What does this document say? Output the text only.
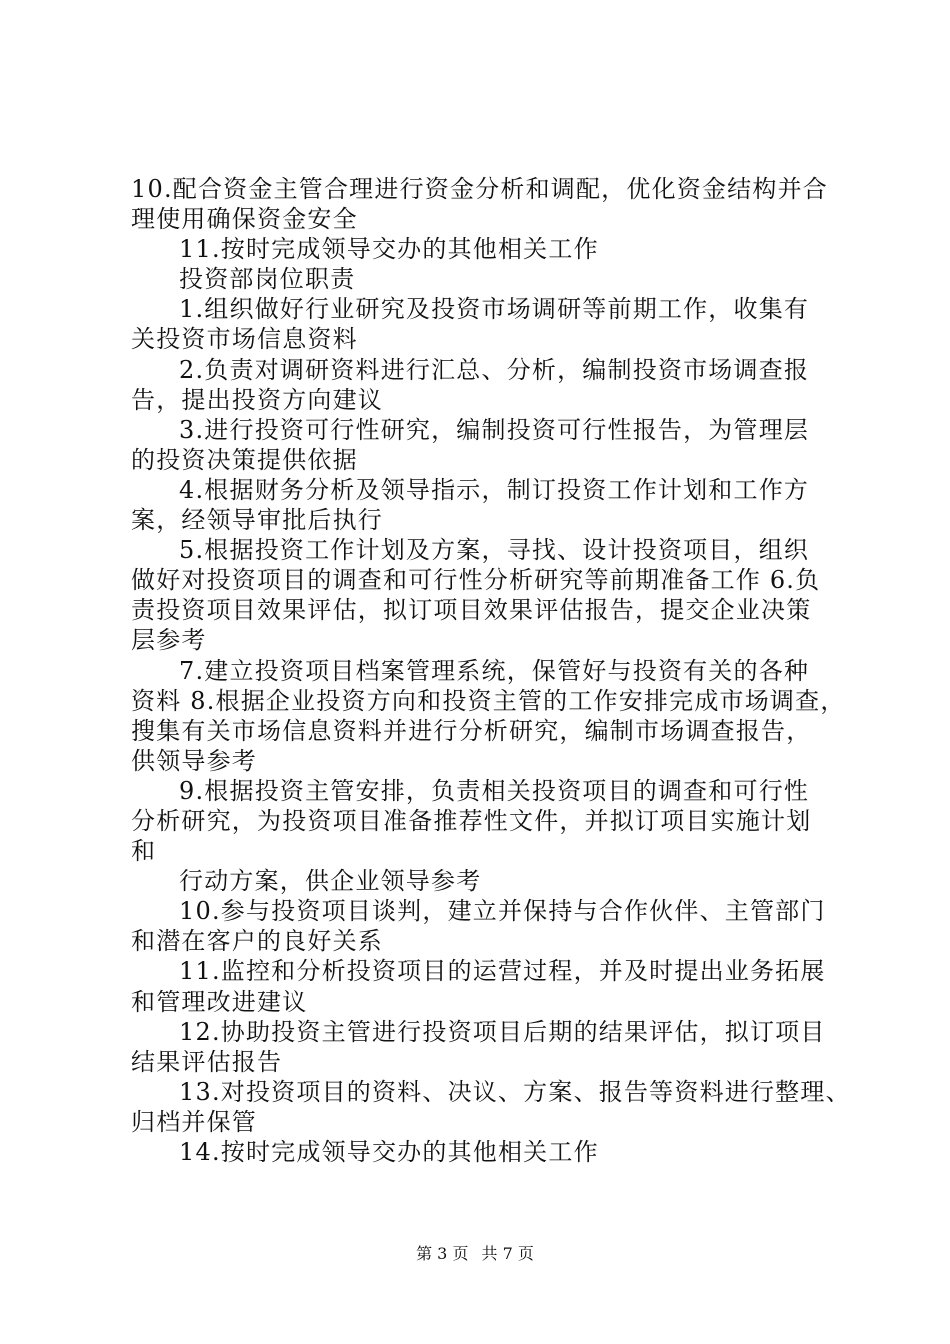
10.配合资金主管合理进行资金分析和调配，优化资金结构并合
理使用确保资金安全
11.按时完成领导交办的其他相关工作
投资部岗位职责
1.组织做好行业研究及投资市场调研等前期工作，收集有
关投资市场信息资料
2.负责对调研资料进行汇总、分析，编制投资市场调查报
告，提出投资方向建议
3.进行投资可行性研究，编制投资可行性报告，为管理层
的投资决策提供依据
4.根据财务分析及领导指示，制订投资工作计划和工作方
案，经领导审批后执行
5.根据投资工作计划及方案，寻找、设计投资项目，组织
做好对投资项目的调查和可行性分析研究等前期准备工作 6.负
责投资项目效果评估，拟订项目效果评估报告，提交企业决策
层参考
7.建立投资项目档案管理系统，保管好与投资有关的各种
资料 8.根据企业投资方向和投资主管的工作安排完成市场调查，
搜集有关市场信息资料并进行分析研究，编制市场调查报告，
供领导参考
9.根据投资主管安排，负责相关投资项目的调查和可行性
分析研究，为投资项目准备推荐性文件，并拟订项目实施计划
和
行动方案，供企业领导参考
10.参与投资项目谈判，建立并保持与合作伙伴、主管部门
和潜在客户的良好关系
11.监控和分析投资项目的运营过程，并及时提出业务拓展
和管理改进建议
12.协助投资主管进行投资项目后期的结果评估，拟订项目
结果评估报告
13.对投资项目的资料、决议、方案、报告等资料进行整理、
归档并保管
14.按时完成领导交办的其他相关工作
第 3 页 共 7 页
